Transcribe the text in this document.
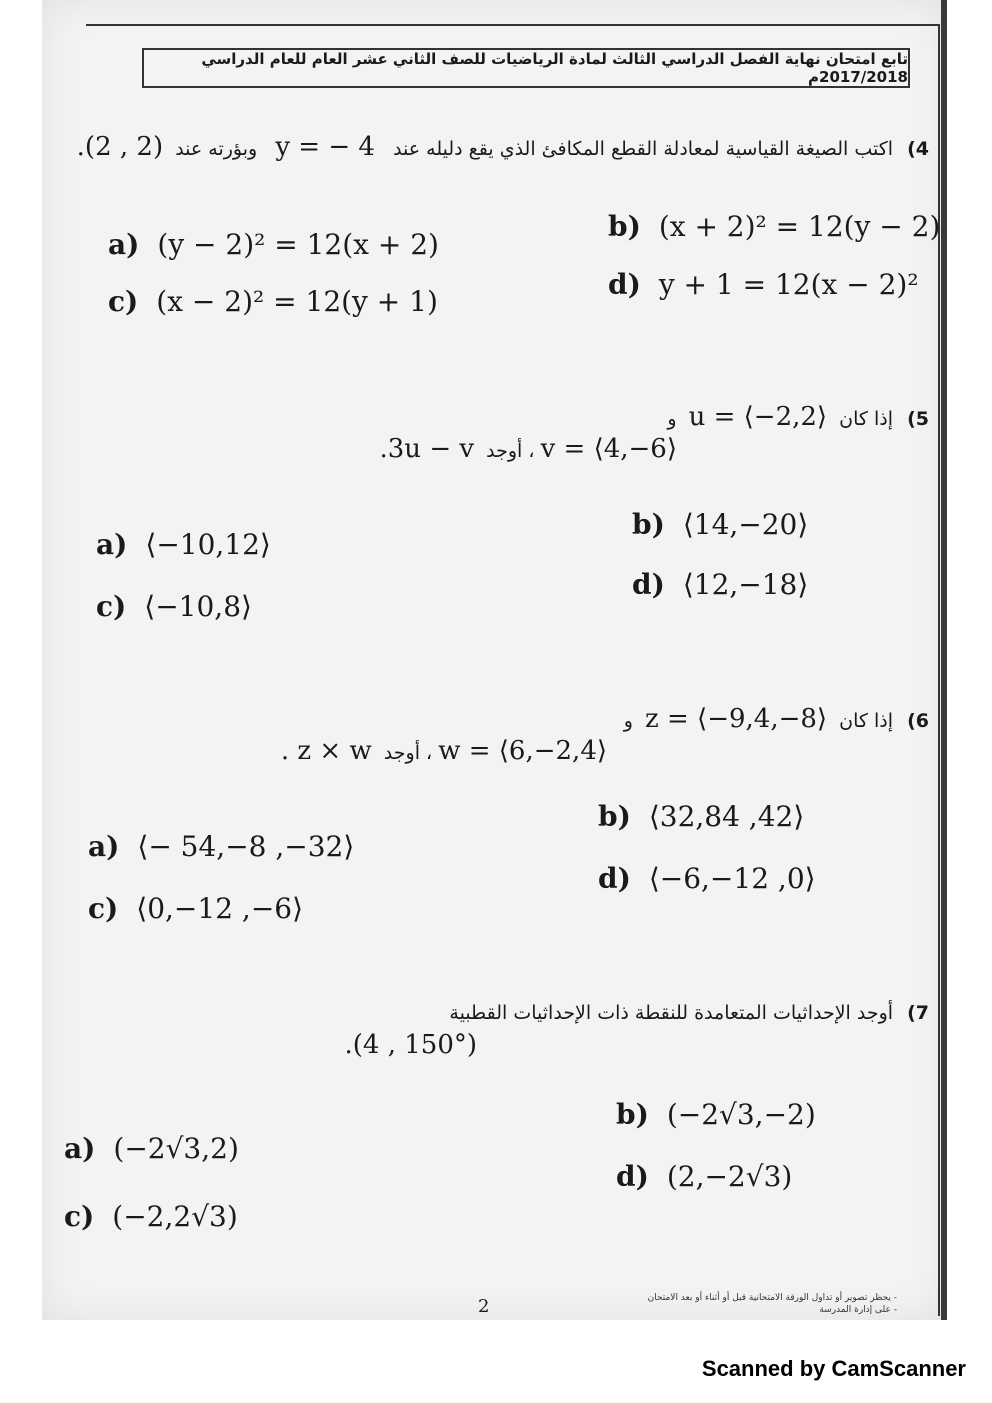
تابع امتحان نهاية الفصل الدراسي الثالث لمادة الرياضيات للصف الثاني عشر العام للعام الدراسي 2017/2018م
4) اكتب الصيغة القياسية لمعادلة القطع المكافئ الذي يقع دليله عند   y = − 4   وبؤرته عند  .(2 , 2)
a) (y − 2)² = 12(x + 2)
b) (x + 2)² = 12(y − 2)
c) (x − 2)² = 12(y + 1)
d) y + 1 = 12(x − 2)²
5) إذا كان  u = ⟨−2,2⟩  و
v = ⟨4,−6⟩ ، أوجد  .3u − v
a) ⟨−10,12⟩
b) ⟨14,−20⟩
c) ⟨−10,8⟩
d) ⟨12,−18⟩
6) إذا كان  z = ⟨−9,4,−8⟩  و
w = ⟨6,−2,4⟩ ، أوجد  . z × w
a) ⟨− 54,−8 ,−32⟩
b) ⟨32,84 ,42⟩
c) ⟨0,−12 ,−6⟩
d) ⟨−6,−12 ,0⟩
7) أوجد الإحداثيات المتعامدة للنقطة ذات الإحداثيات القطبية
.(4 , 150°)
a) (−2√3,2)
b) (−2√3,−2)
c) (−2,2√3)
d) (2,−2√3)
2	- يحظر تصوير أو تداول الورقة الامتحانية قبل أو أثناء أو بعد الامتحان
- على إدارة المدرسة
Scanned by CamScanner
